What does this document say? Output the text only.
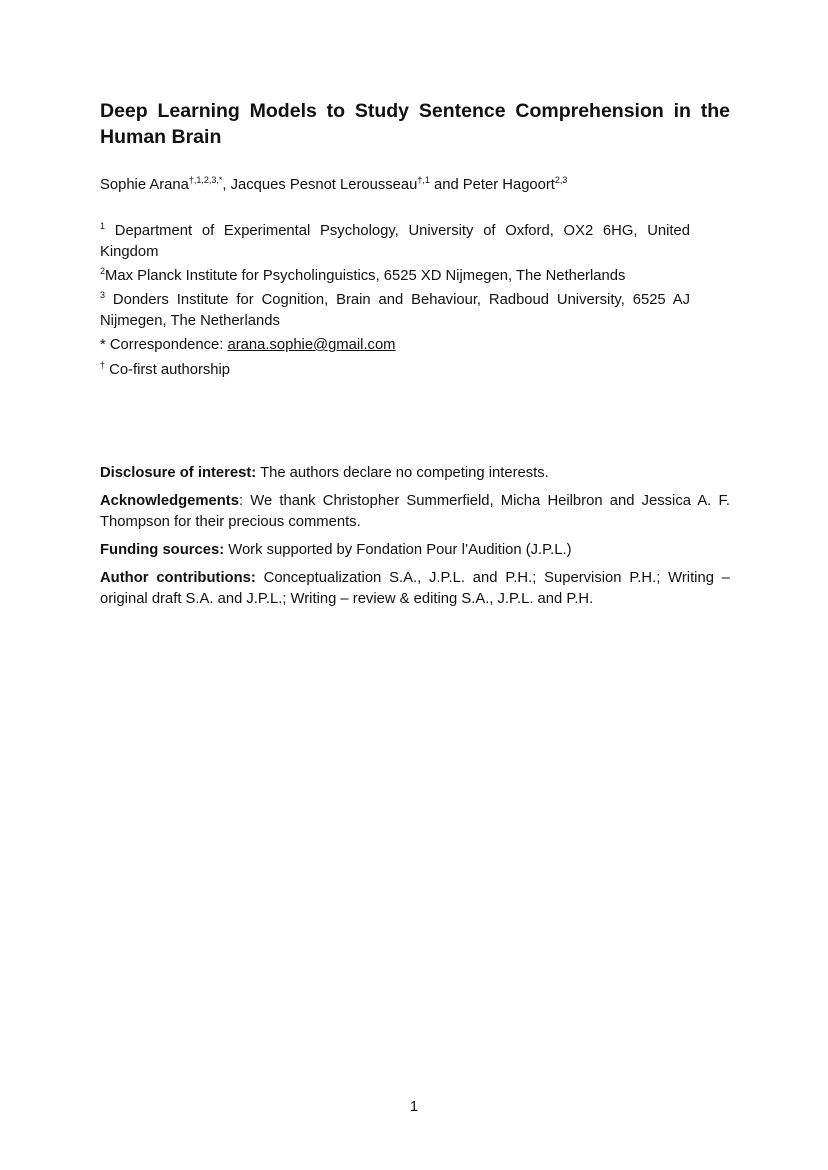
Deep Learning Models to Study Sentence Comprehension in the Human Brain

Sophie Arana$^{\dagger,1,2,3,*}$, Jacques Pesnot Lerousseau$^{\dagger,1}$ and Peter Hagoort$^{2,3}$

$^1$ Department of Experimental Psychology, University of Oxford, OX2 6HG, United Kingdom

$^2$Max Planck Institute for Psycholinguistics, 6525 XD Nijmegen, The Netherlands

$^3$ Donders Institute for Cognition, Brain and Behaviour, Radboud University, 6525 AJ Nijmegen, The Netherlands

* Correspondence: arana.sophie@gmail.com

† Co-first authorship

Disclosure of interest: The authors declare no competing interests.

Acknowledgements: We thank Christopher Summerfield, Micha Heilbron and Jessica A. F. Thompson for their precious comments.

Funding sources: Work supported by Fondation Pour l’Audition (J.P.L.)

Author contributions: Conceptualization S.A., J.P.L. and P.H.; Supervision P.H.; Writing – original draft S.A. and J.P.L.; Writing – review & editing S.A., J.P.L. and P.H.

1
